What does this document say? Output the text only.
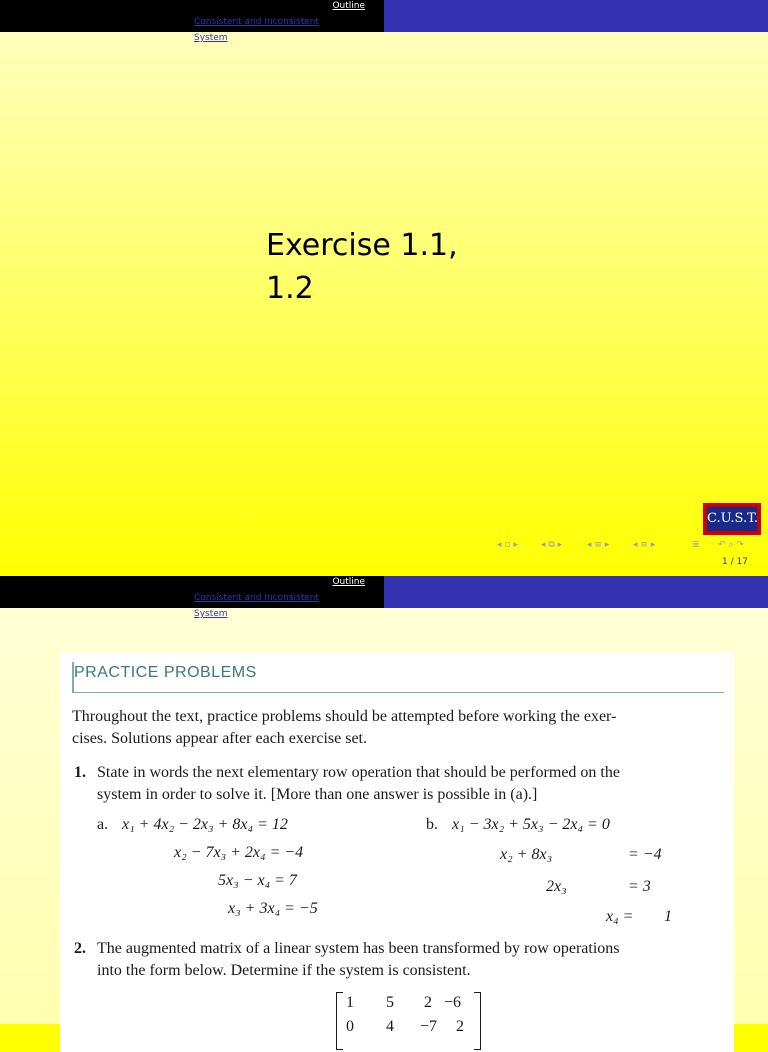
Outline
Consistent and Inconsistent
System
Exercise 1.1,
1.2
C.U.S.T.
◂ ▫ ▸	◂ ⧉ ▸	◂ ≡ ▸	◂ ≡ ▸	≣ ↶ ⌕ ↷
1 / 17
Outline
Consistent and Inconsistent
System
PRACTICE PROBLEMS
Throughout the text, practice problems should be attempted before working the exer-
cises. Solutions appear after each exercise set.
1. State in words the next elementary row operation that should be performed on the
system in order to solve it. [More than one answer is possible in (a).]
a. x₁ + 4x₂ − 2x₃ + 8x₄ = 12
x₂ − 7x₃ + 2x₄ = −4
5x₃ − x₄ = 7
x₃ + 3x₄ = −5
b. x₁ − 3x₂ + 5x₃ − 2x₄ = 0
x₂ + 8x₃	= −4
2x₃	= 3
x₄ = 1
2. The augmented matrix of a linear system has been transformed by row operations
into the form below. Determine if the system is consistent.
1 5 2 −6
0 4 −7 2
